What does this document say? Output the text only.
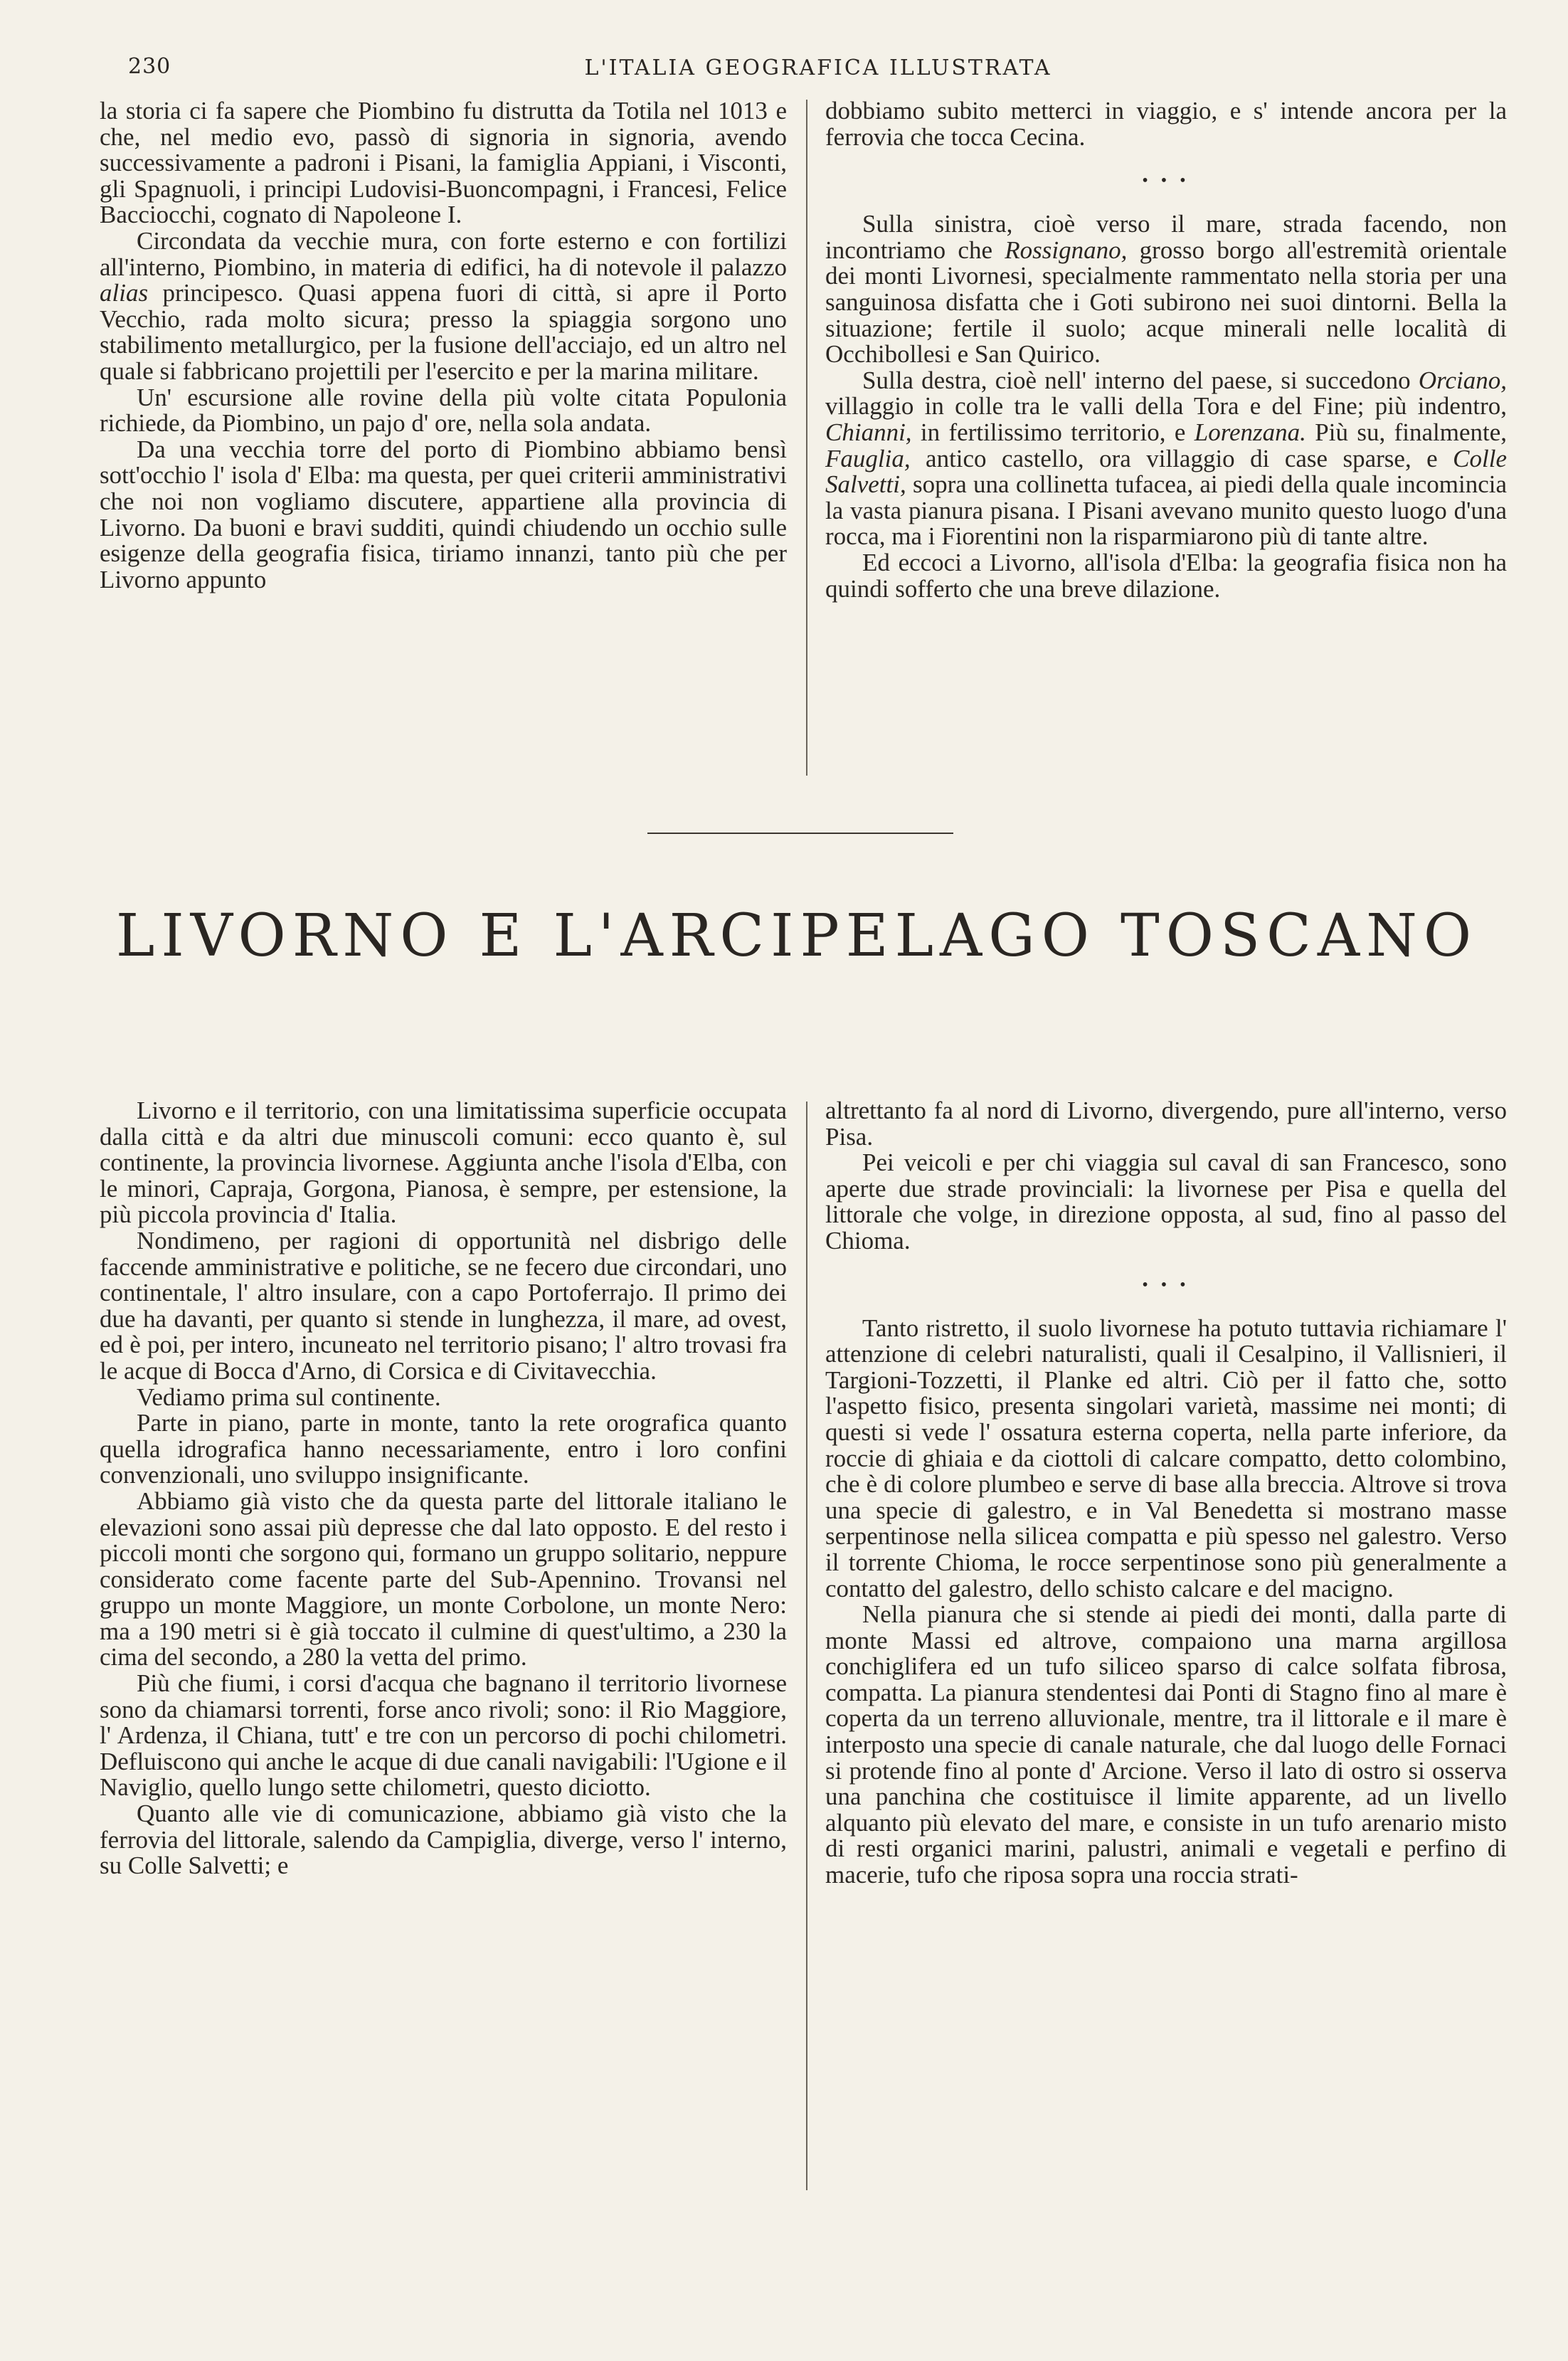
230	L'ITALIA GEOGRAFICA ILLUSTRATA

la storia ci fa sapere che Piombino fu distrutta da Totila nel 1013 e che, nel medio evo, passò di signoria in signoria, avendo successivamente a padroni i Pisani, la famiglia Appiani, i Visconti, gli Spagnuoli, i principi Ludovisi-Buoncompagni, i Francesi, Felice Bacciocchi, cognato di Napoleone I.

Circondata da vecchie mura, con forte esterno e con fortilizi all'interno, Piombino, in materia di edifici, ha di notevole il palazzo alias principesco. Quasi appena fuori di città, si apre il Porto Vecchio, rada molto sicura; presso la spiaggia sorgono uno stabilimento metallurgico, per la fusione dell'acciajo, ed un altro nel quale si fabbricano projettili per l'esercito e per la marina militare.

Un' escursione alle rovine della più volte citata Populonia richiede, da Piombino, un pajo d' ore, nella sola andata.

Da una vecchia torre del porto di Piombino abbiamo bensì sott'occhio l' isola d' Elba: ma questa, per quei criterii amministrativi che noi non vogliamo discutere, appartiene alla provincia di Livorno. Da buoni e bravi sudditi, quindi chiudendo un occhio sulle esigenze della geografia fisica, tiriamo innanzi, tanto più che per Livorno appunto

dobbiamo subito metterci in viaggio, e s' intende ancora per la ferrovia che tocca Cecina.

• • •

Sulla sinistra, cioè verso il mare, strada facendo, non incontriamo che Rossignano, grosso borgo all'estremità orientale dei monti Livornesi, specialmente rammentato nella storia per una sanguinosa disfatta che i Goti subirono nei suoi dintorni. Bella la situazione; fertile il suolo; acque minerali nelle località di Occhibollesi e San Quirico.

Sulla destra, cioè nell' interno del paese, si succedono Orciano, villaggio in colle tra le valli della Tora e del Fine; più indentro, Chianni, in fertilissimo territorio, e Lorenzana. Più su, finalmente, Fauglia, antico castello, ora villaggio di case sparse, e Colle Salvetti, sopra una collinetta tufacea, ai piedi della quale incomincia la vasta pianura pisana. I Pisani avevano munito questo luogo d'una rocca, ma i Fiorentini non la risparmiarono più di tante altre.

Ed eccoci a Livorno, all'isola d'Elba: la geografia fisica non ha quindi sofferto che una breve dilazione.

LIVORNO E L'ARCIPELAGO TOSCANO

Livorno e il territorio, con una limitatissima superficie occupata dalla città e da altri due minuscoli comuni: ecco quanto è, sul continente, la provincia livornese. Aggiunta anche l'isola d'Elba, con le minori, Capraja, Gorgona, Pianosa, è sempre, per estensione, la più piccola provincia d' Italia.

Nondimeno, per ragioni di opportunità nel disbrigo delle faccende amministrative e politiche, se ne fecero due circondari, uno continentale, l' altro insulare, con a capo Portoferrajo. Il primo dei due ha davanti, per quanto si stende in lunghezza, il mare, ad ovest, ed è poi, per intero, incuneato nel territorio pisano; l' altro trovasi fra le acque di Bocca d'Arno, di Corsica e di Civitavecchia.

Vediamo prima sul continente.

Parte in piano, parte in monte, tanto la rete orografica quanto quella idrografica hanno necessariamente, entro i loro confini convenzionali, uno sviluppo insignificante.

Abbiamo già visto che da questa parte del littorale italiano le elevazioni sono assai più depresse che dal lato opposto. E del resto i piccoli monti che sorgono qui, formano un gruppo solitario, neppure considerato come facente parte del Sub-Apennino. Trovansi nel gruppo un monte Maggiore, un monte Corbolone, un monte Nero: ma a 190 metri si è già toccato il culmine di quest'ultimo, a 230 la cima del secondo, a 280 la vetta del primo.

Più che fiumi, i corsi d'acqua che bagnano il territorio livornese sono da chiamarsi torrenti, forse anco rivoli; sono: il Rio Maggiore, l' Ardenza, il Chiana, tutt' e tre con un percorso di pochi chilometri. Defluiscono qui anche le acque di due canali navigabili: l'Ugione e il Naviglio, quello lungo sette chilometri, questo diciotto.

Quanto alle vie di comunicazione, abbiamo già visto che la ferrovia del littorale, salendo da Campiglia, diverge, verso l' interno, su Colle Salvetti; e

altrettanto fa al nord di Livorno, divergendo, pure all'interno, verso Pisa.

Pei veicoli e per chi viaggia sul caval di san Francesco, sono aperte due strade provinciali: la livornese per Pisa e quella del littorale che volge, in direzione opposta, al sud, fino al passo del Chioma.

• • •

Tanto ristretto, il suolo livornese ha potuto tuttavia richiamare l' attenzione di celebri naturalisti, quali il Cesalpino, il Vallisnieri, il Targioni-Tozzetti, il Planke ed altri. Ciò per il fatto che, sotto l'aspetto fisico, presenta singolari varietà, massime nei monti; di questi si vede l' ossatura esterna coperta, nella parte inferiore, da roccie di ghiaia e da ciottoli di calcare compatto, detto colombino, che è di colore plumbeo e serve di base alla breccia. Altrove si trova una specie di galestro, e in Val Benedetta si mostrano masse serpentinose nella silicea compatta e più spesso nel galestro. Verso il torrente Chioma, le rocce serpentinose sono più generalmente a contatto del galestro, dello schisto calcare e del macigno.

Nella pianura che si stende ai piedi dei monti, dalla parte di monte Massi ed altrove, compaiono una marna argillosa conchiglifera ed un tufo siliceo sparso di calce solfata fibrosa, compatta. La pianura stendentesi dai Ponti di Stagno fino al mare è coperta da un terreno alluvionale, mentre, tra il littorale e il mare è interposto una specie di canale naturale, che dal luogo delle Fornaci si protende fino al ponte d' Arcione. Verso il lato di ostro si osserva una panchina che costituisce il limite apparente, ad un livello alquanto più elevato del mare, e consiste in un tufo arenario misto di resti organici marini, palustri, animali e vegetali e perfino di macerie, tufo che riposa sopra una roccia strati-
